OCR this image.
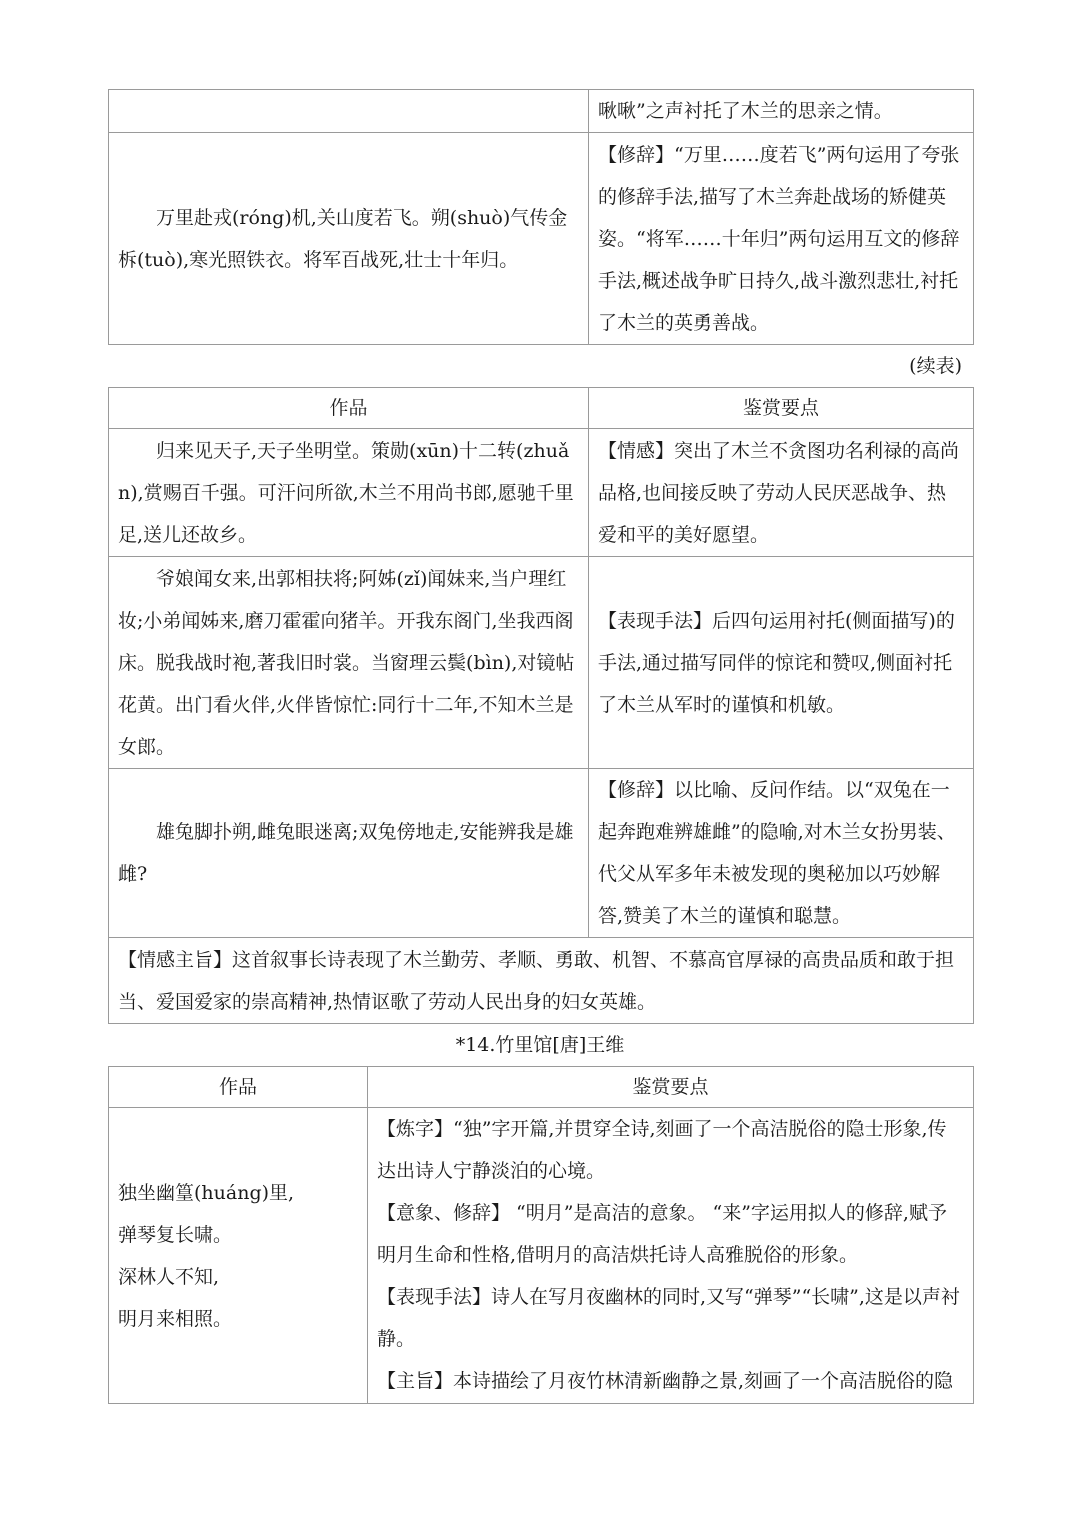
	啾啾”之声衬托了木兰的思亲之情。
万里赴戎(róng)机,关山度若飞。朔(shuò)气传金柝(tuò),寒光照铁衣。将军百战死,壮士十年归。	【修辞】“万里……度若飞”两句运用了夸张的修辞手法,描写了木兰奔赴战场的矫健英姿。“将军……十年归”两句运用互文的修辞手法,概述战争旷日持久,战斗激烈悲壮,衬托了木兰的英勇善战。
(续表)
作品	鉴赏要点
归来见天子,天子坐明堂。策勋(xūn)十二转(zhuǎn),赏赐百千强。可汗问所欲,木兰不用尚书郎,愿驰千里足,送儿还故乡。	【情感】突出了木兰不贪图功名利禄的高尚品格,也间接反映了劳动人民厌恶战争、热爱和平的美好愿望。
爷娘闻女来,出郭相扶将;阿姊(zǐ)闻妹来,当户理红妆;小弟闻姊来,磨刀霍霍向猪羊。开我东阁门,坐我西阁床。脱我战时袍,著我旧时裳。当窗理云鬓(bìn),对镜帖花黄。出门看火伴,火伴皆惊忙:同行十二年,不知木兰是女郎。	【表现手法】后四句运用衬托(侧面描写)的手法,通过描写同伴的惊诧和赞叹,侧面衬托了木兰从军时的谨慎和机敏。
雄兔脚扑朔,雌兔眼迷离;双兔傍地走,安能辨我是雄雌?	【修辞】以比喻、反问作结。以“双兔在一起奔跑难辨雄雌”的隐喻,对木兰女扮男装、代父从军多年未被发现的奥秘加以巧妙解答,赞美了木兰的谨慎和聪慧。
【情感主旨】这首叙事长诗表现了木兰勤劳、孝顺、勇敢、机智、不慕高官厚禄的高贵品质和敢于担当、爱国爱家的崇高精神,热情讴歌了劳动人民出身的妇女英雄。	
*14.竹里馆[唐]王维
作品	鉴赏要点

独坐幽篁(huáng)里,
弹琴复长啸。
深林人不知,
明月来相照。	【炼字】“独”字开篇,并贯穿全诗,刻画了一个高洁脱俗的隐士形象,传达出诗人宁静淡泊的心境。
【意象、修辞】 “明月”是高洁的意象。 “来”字运用拟人的修辞,赋予明月生命和性格,借明月的高洁烘托诗人高雅脱俗的形象。
【表现手法】诗人在写月夜幽林的同时,又写“弹琴”“长啸”,这是以声衬静。
【主旨】本诗描绘了月夜竹林清新幽静之景,刻画了一个高洁脱俗的隐
